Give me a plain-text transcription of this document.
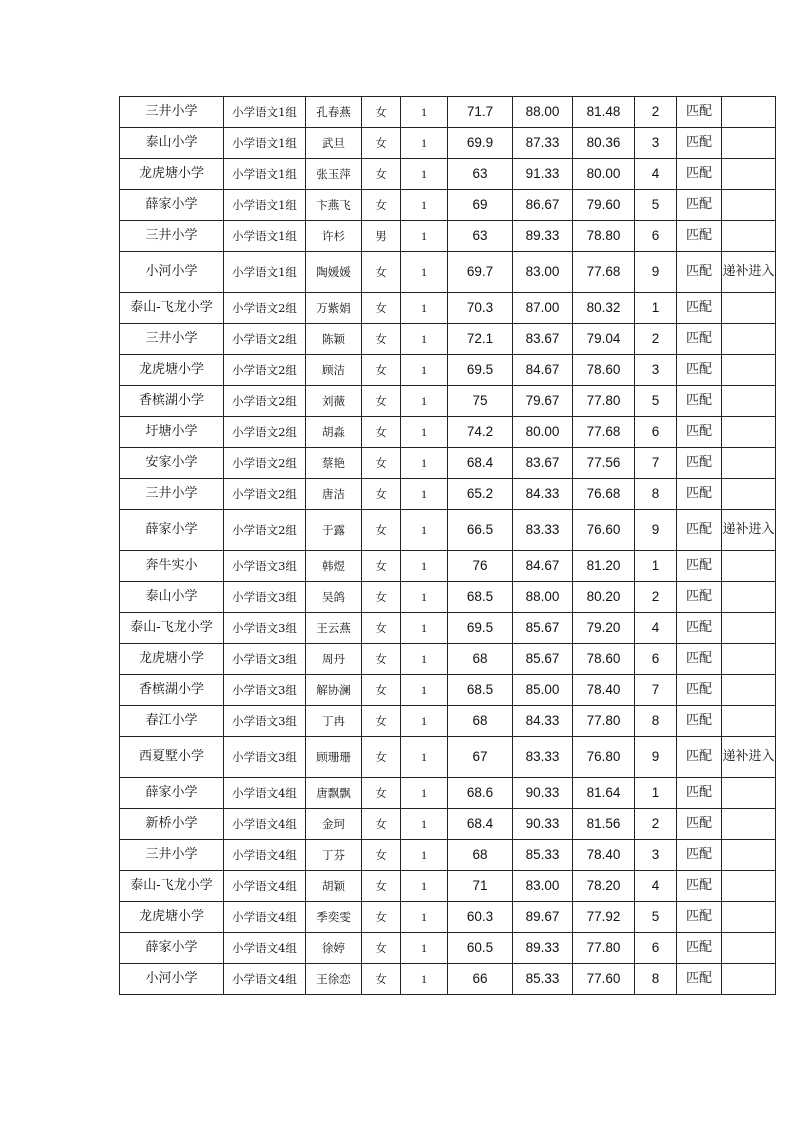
三井小学	小学语文1组	孔春燕	女	1	71.7	88.00	81.48	2	匹配	
泰山小学	小学语文1组	武旦	女	1	69.9	87.33	80.36	3	匹配	
龙虎塘小学	小学语文1组	张玉萍	女	1	63	91.33	80.00	4	匹配	
薛家小学	小学语文1组	卞燕飞	女	1	69	86.67	79.60	5	匹配	
三井小学	小学语文1组	许杉	男	1	63	89.33	78.80	6	匹配	
小河小学	小学语文1组	陶媛媛	女	1	69.7	83.00	77.68	9	匹配	递补进入
泰山-飞龙小学	小学语文2组	万紫娟	女	1	70.3	87.00	80.32	1	匹配	
三井小学	小学语文2组	陈颖	女	1	72.1	83.67	79.04	2	匹配	
龙虎塘小学	小学语文2组	顾洁	女	1	69.5	84.67	78.60	3	匹配	
香槟湖小学	小学语文2组	刘薇	女	1	75	79.67	77.80	5	匹配	
圩塘小学	小学语文2组	胡淼	女	1	74.2	80.00	77.68	6	匹配	
安家小学	小学语文2组	蔡艳	女	1	68.4	83.67	77.56	7	匹配	
三井小学	小学语文2组	唐洁	女	1	65.2	84.33	76.68	8	匹配	
薛家小学	小学语文2组	于露	女	1	66.5	83.33	76.60	9	匹配	递补进入
奔牛实小	小学语文3组	韩煜	女	1	76	84.67	81.20	1	匹配	
泰山小学	小学语文3组	吴鸽	女	1	68.5	88.00	80.20	2	匹配	
泰山-飞龙小学	小学语文3组	王云燕	女	1	69.5	85.67	79.20	4	匹配	
龙虎塘小学	小学语文3组	周丹	女	1	68	85.67	78.60	6	匹配	
香槟湖小学	小学语文3组	解协澜	女	1	68.5	85.00	78.40	7	匹配	
春江小学	小学语文3组	丁冉	女	1	68	84.33	77.80	8	匹配	
西夏墅小学	小学语文3组	顾珊珊	女	1	67	83.33	76.80	9	匹配	递补进入
薛家小学	小学语文4组	唐飘飘	女	1	68.6	90.33	81.64	1	匹配	
新桥小学	小学语文4组	金珂	女	1	68.4	90.33	81.56	2	匹配	
三井小学	小学语文4组	丁芬	女	1	68	85.33	78.40	3	匹配	
泰山-飞龙小学	小学语文4组	胡颖	女	1	71	83.00	78.20	4	匹配	
龙虎塘小学	小学语文4组	季奕雯	女	1	60.3	89.67	77.92	5	匹配	
薛家小学	小学语文4组	徐婷	女	1	60.5	89.33	77.80	6	匹配	
小河小学	小学语文4组	王徐恋	女	1	66	85.33	77.60	8	匹配	
